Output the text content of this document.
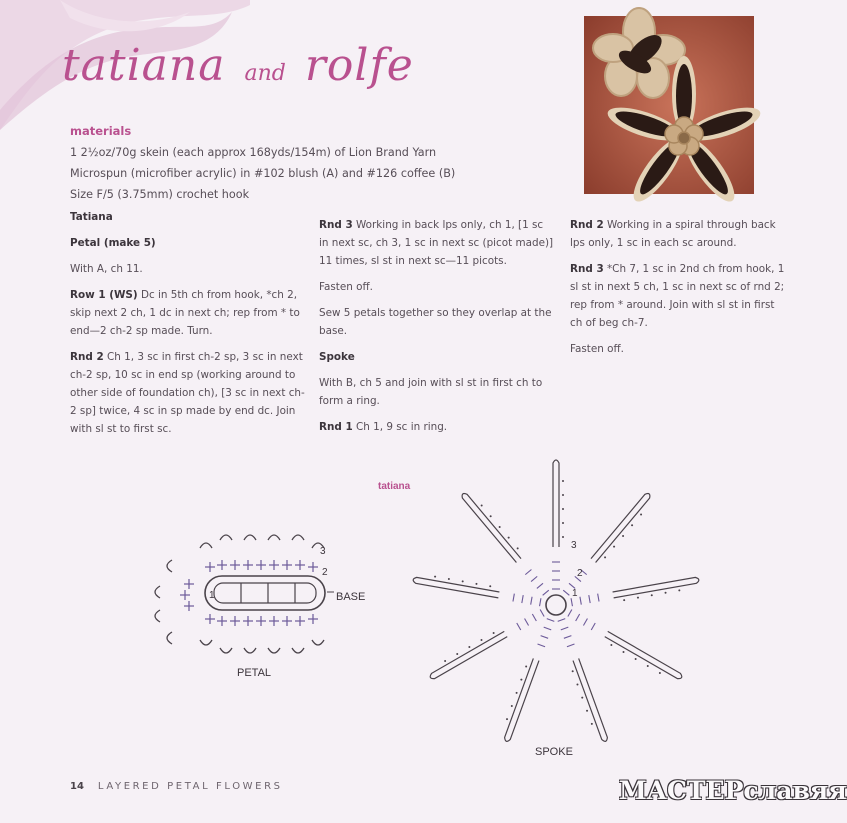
tatiana and rolfe
materials

1 2½oz/70g skein (each approx 168yds/154m) of Lion Brand Yarn

Microspun (microfiber acrylic) in #102 blush (A) and #126 coffee (B)

Size F/5 (3.75mm) crochet hook

Tatiana

Petal (make 5)

With A, ch 11.

Row 1 (WS) Dc in 5th ch from hook, *ch 2, skip next 2 ch, 1 dc in next ch; rep from * to end—2 ch-2 sp made. Turn.

Rnd 2 Ch 1, 3 sc in first ch-2 sp, 3 sc in next ch-2 sp, 10 sc in end sp (working around to other side of foundation ch), [3 sc in next ch-2 sp] twice, 4 sc in sp made by end dc. Join with sl st to first sc.

Rnd 3 Working in back lps only, ch 1, [1 sc in next sc, ch 3, 1 sc in next sc (picot made)] 11 times, sl st in next sc—11 picots.

Fasten off.

Sew 5 petals together so they overlap at the base.

Spoke

With B, ch 5 and join with sl st in first ch to form a ring.

Rnd 1 Ch 1, 9 sc in ring.

Rnd 2 Working in a spiral through back lps only, 1 sc in each sc around.

Rnd 3 *Ch 7, 1 sc in 2nd ch from hook, 1 sl st in next 5 ch, 1 sc in next sc of rnd 2; rep from * around. Join with sl st in first ch of beg ch-7.

Fasten off.

tatiana
1
2
3
BASE
PETAL
3
2
1
SPOKE
14 LAYERED PETAL FLOWERS	МАСТЕРславяя
